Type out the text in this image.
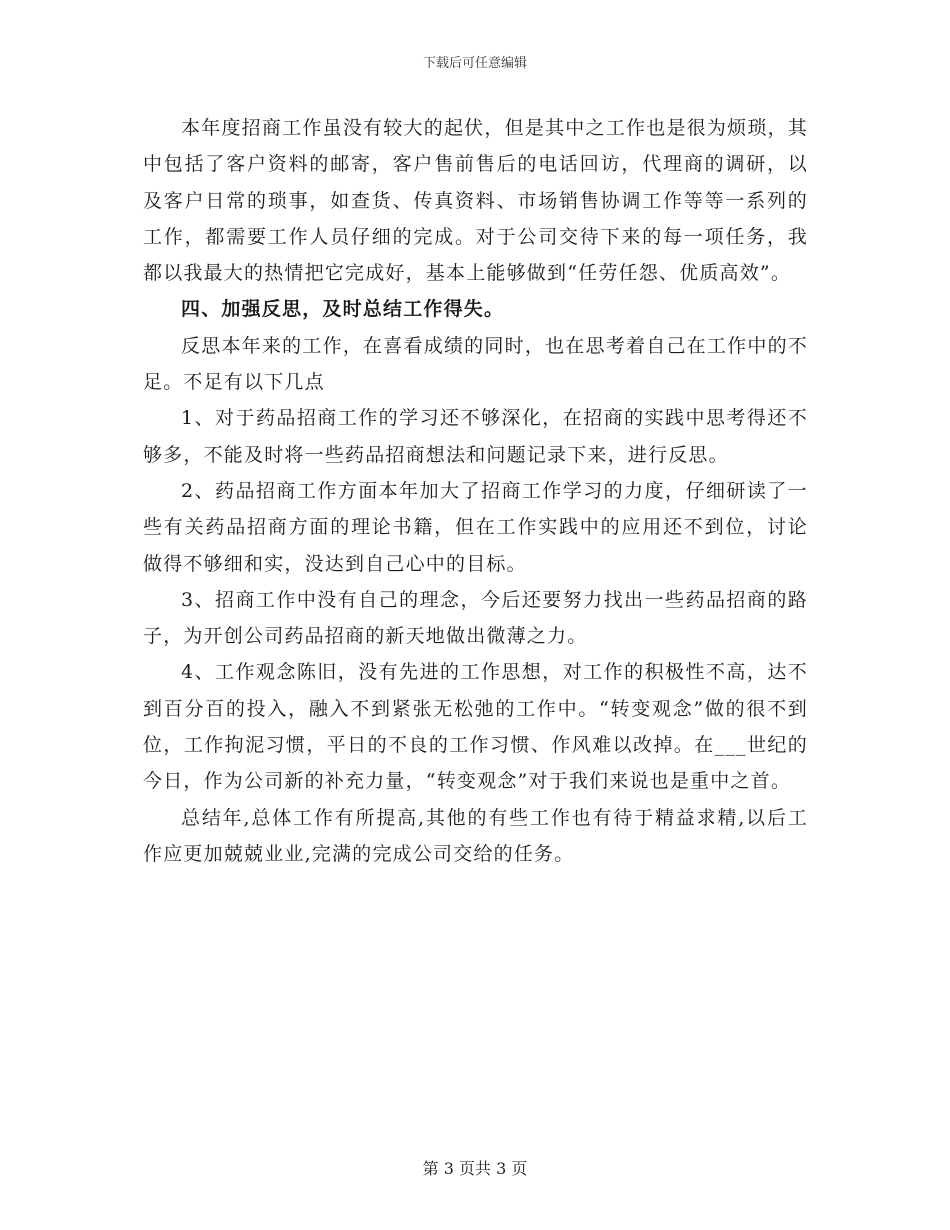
下载后可任意编辑

本年度招商工作虽没有较大的起伏，但是其中之工作也是很为烦琐，其中包括了客户资料的邮寄，客户售前售后的电话回访，代理商的调研，以及客户日常的琐事，如查货、传真资料、市场销售协调工作等等一系列的工作，都需要工作人员仔细的完成。对于公司交待下来的每一项任务，我都以我最大的热情把它完成好，基本上能够做到“任劳任怨、优质高效”。

四、加强反思，及时总结工作得失。

反思本年来的工作，在喜看成绩的同时，也在思考着自己在工作中的不足。不足有以下几点

1、对于药品招商工作的学习还不够深化，在招商的实践中思考得还不够多，不能及时将一些药品招商想法和问题记录下来，进行反思。

2、药品招商工作方面本年加大了招商工作学习的力度，仔细研读了一些有关药品招商方面的理论书籍，但在工作实践中的应用还不到位，讨论做得不够细和实，没达到自己心中的目标。

3、招商工作中没有自己的理念，今后还要努力找出一些药品招商的路子，为开创公司药品招商的新天地做出微薄之力。

4、工作观念陈旧，没有先进的工作思想，对工作的积极性不高，达不到百分百的投入，融入不到紧张无松弛的工作中。“转变观念”做的很不到位，工作拘泥习惯，平日的不良的工作习惯、作风难以改掉。在___世纪的今日，作为公司新的补充力量，“转变观念”对于我们来说也是重中之首。

总结年,总体工作有所提高,其他的有些工作也有待于精益求精,以后工作应更加兢兢业业,完满的完成公司交给的任务。

第 3 页共 3 页
